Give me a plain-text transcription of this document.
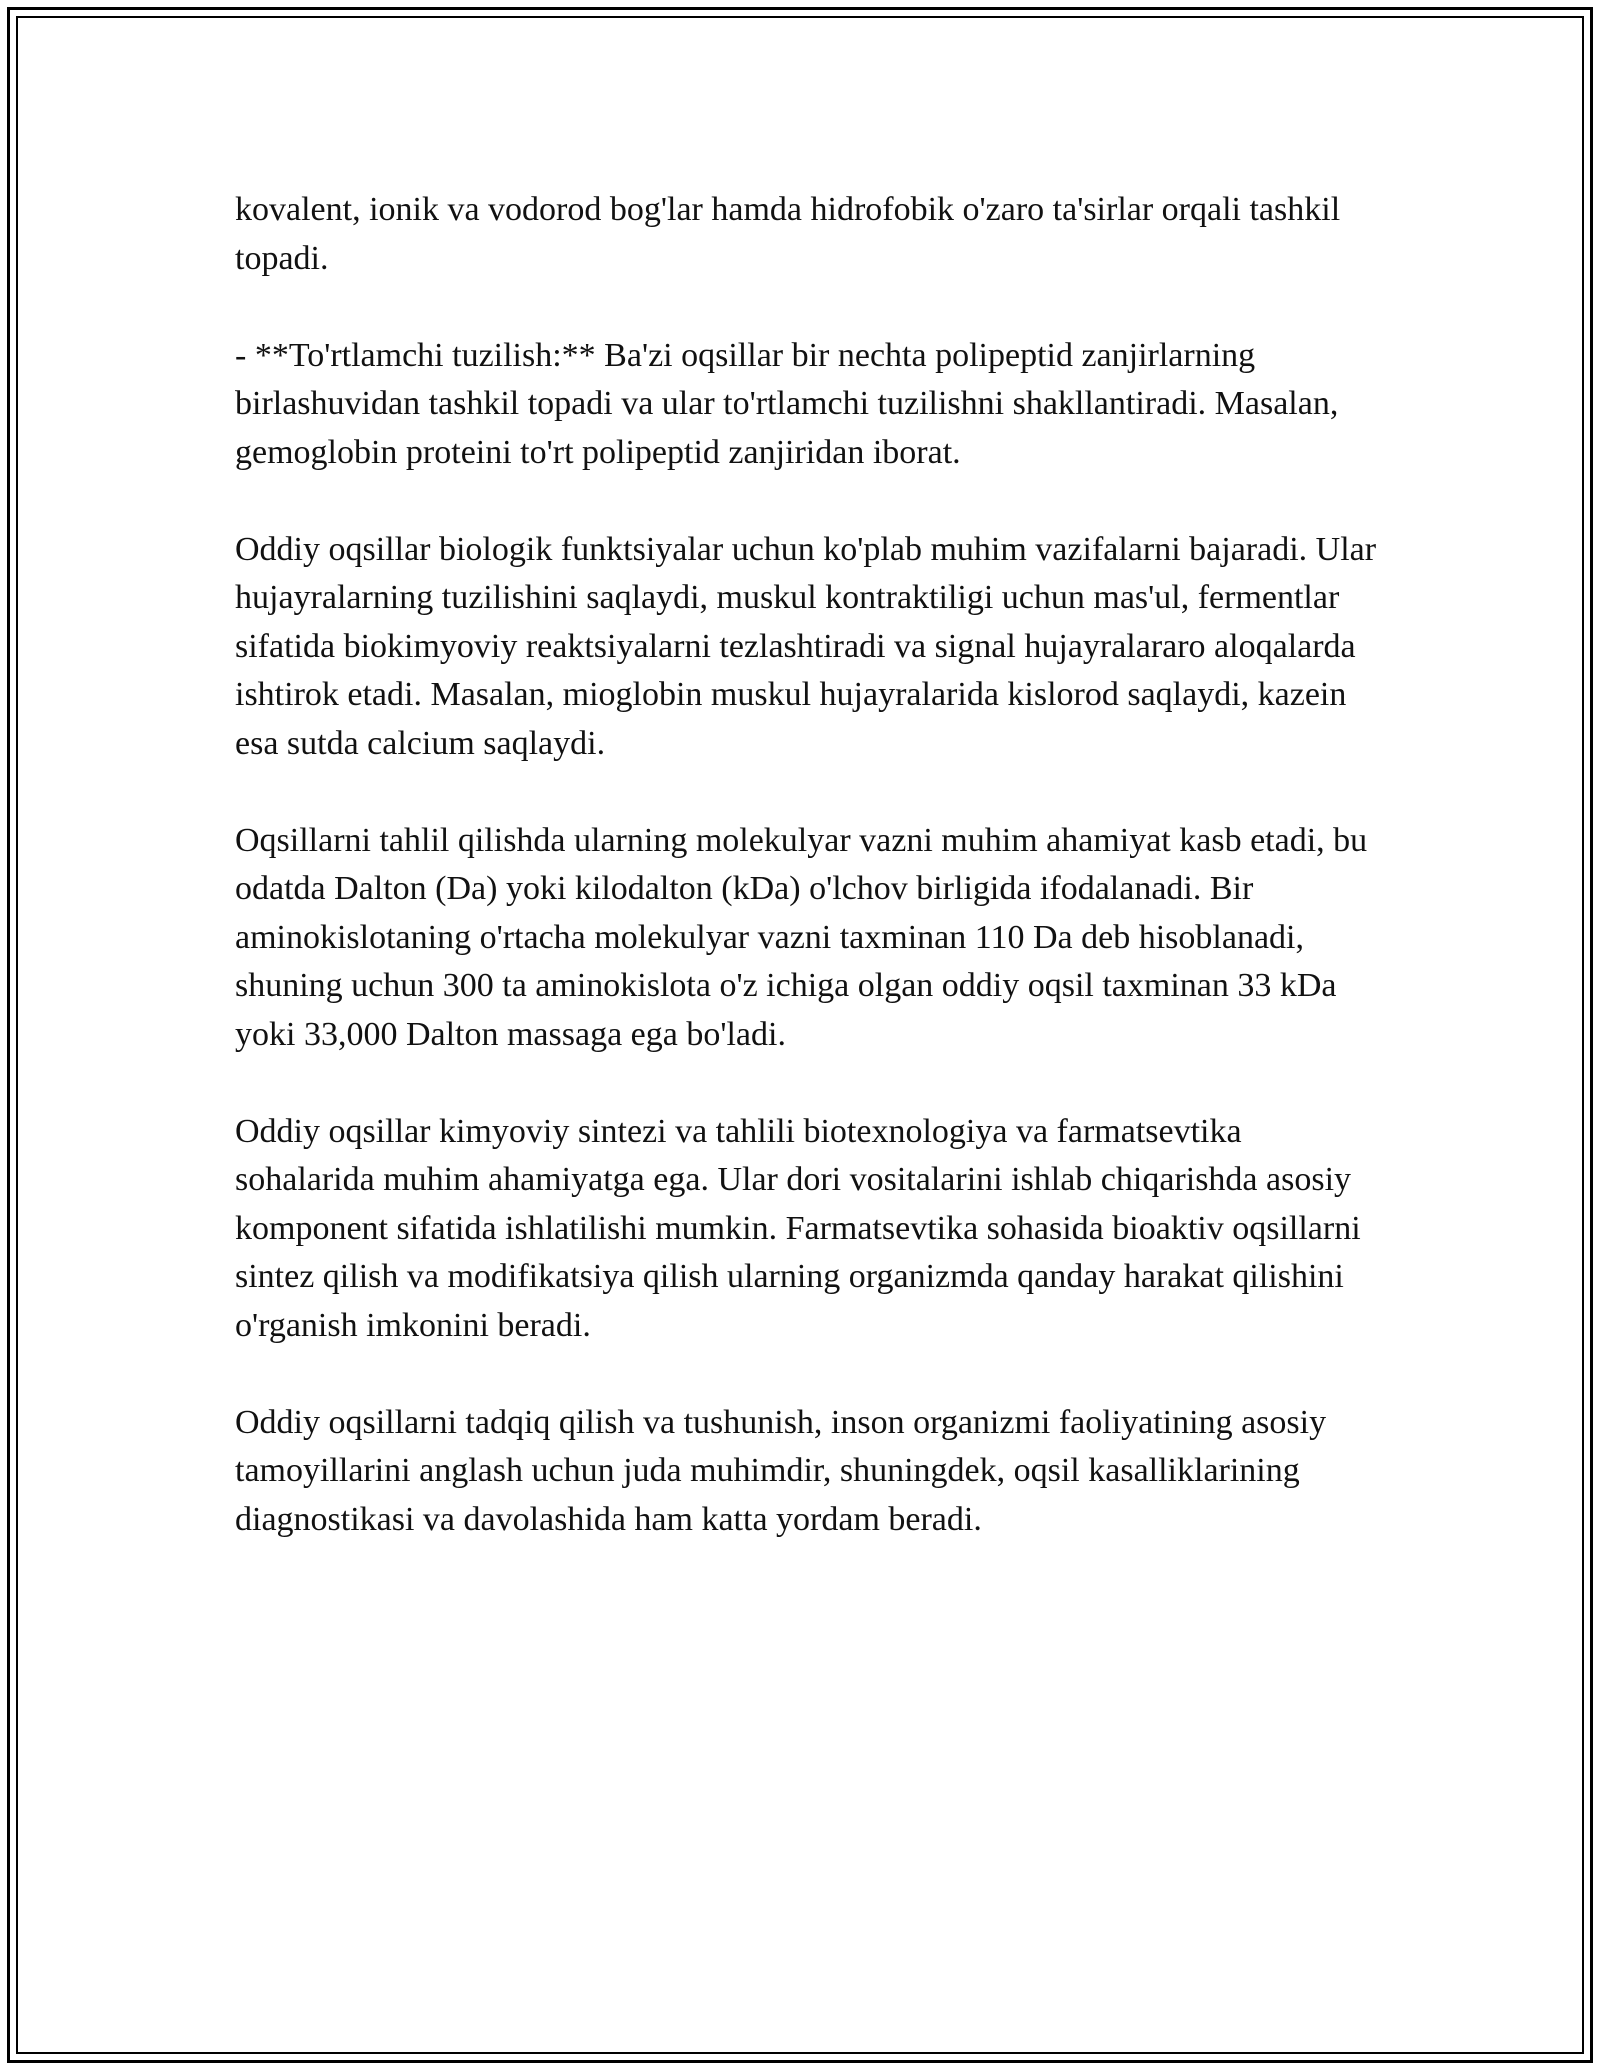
kovalent, ionik va vodorod bog'lar hamda hidrofobik o'zaro ta'sirlar orqali tashkil topadi.

- **To'rtlamchi tuzilish:** Ba'zi oqsillar bir nechta polipeptid zanjirlarning birlashuvidan tashkil topadi va ular to'rtlamchi tuzilishni shakllantiradi. Masalan, gemoglobin proteini to'rt polipeptid zanjiridan iborat.

Oddiy oqsillar biologik funktsiyalar uchun ko'plab muhim vazifalarni bajaradi. Ular hujayralarning tuzilishini saqlaydi, muskul kontraktiligi uchun mas'ul, fermentlar sifatida biokimyoviy reaktsiyalarni tezlashtiradi va signal hujayralararo aloqalarda ishtirok etadi. Masalan, mioglobin muskul hujayralarida kislorod saqlaydi, kazein esa sutda calcium saqlaydi.

Oqsillarni tahlil qilishda ularning molekulyar vazni muhim ahamiyat kasb etadi, bu odatda Dalton (Da) yoki kilodalton (kDa) o'lchov birligida ifodalanadi. Bir aminokislotaning o'rtacha molekulyar vazni taxminan 110 Da deb hisoblanadi, shuning uchun 300 ta aminokislota o'z ichiga olgan oddiy oqsil taxminan 33 kDa yoki 33,000 Dalton massaga ega bo'ladi.

Oddiy oqsillar kimyoviy sintezi va tahlili biotexnologiya va farmatsevtika sohalarida muhim ahamiyatga ega. Ular dori vositalarini ishlab chiqarishda asosiy komponent sifatida ishlatilishi mumkin. Farmatsevtika sohasida bioaktiv oqsillarni sintez qilish va modifikatsiya qilish ularning organizmda qanday harakat qilishini o'rganish imkonini beradi.

Oddiy oqsillarni tadqiq qilish va tushunish, inson organizmi faoliyatining asosiy tamoyillarini anglash uchun juda muhimdir, shuningdek, oqsil kasalliklarining diagnostikasi va davolashida ham katta yordam beradi.
